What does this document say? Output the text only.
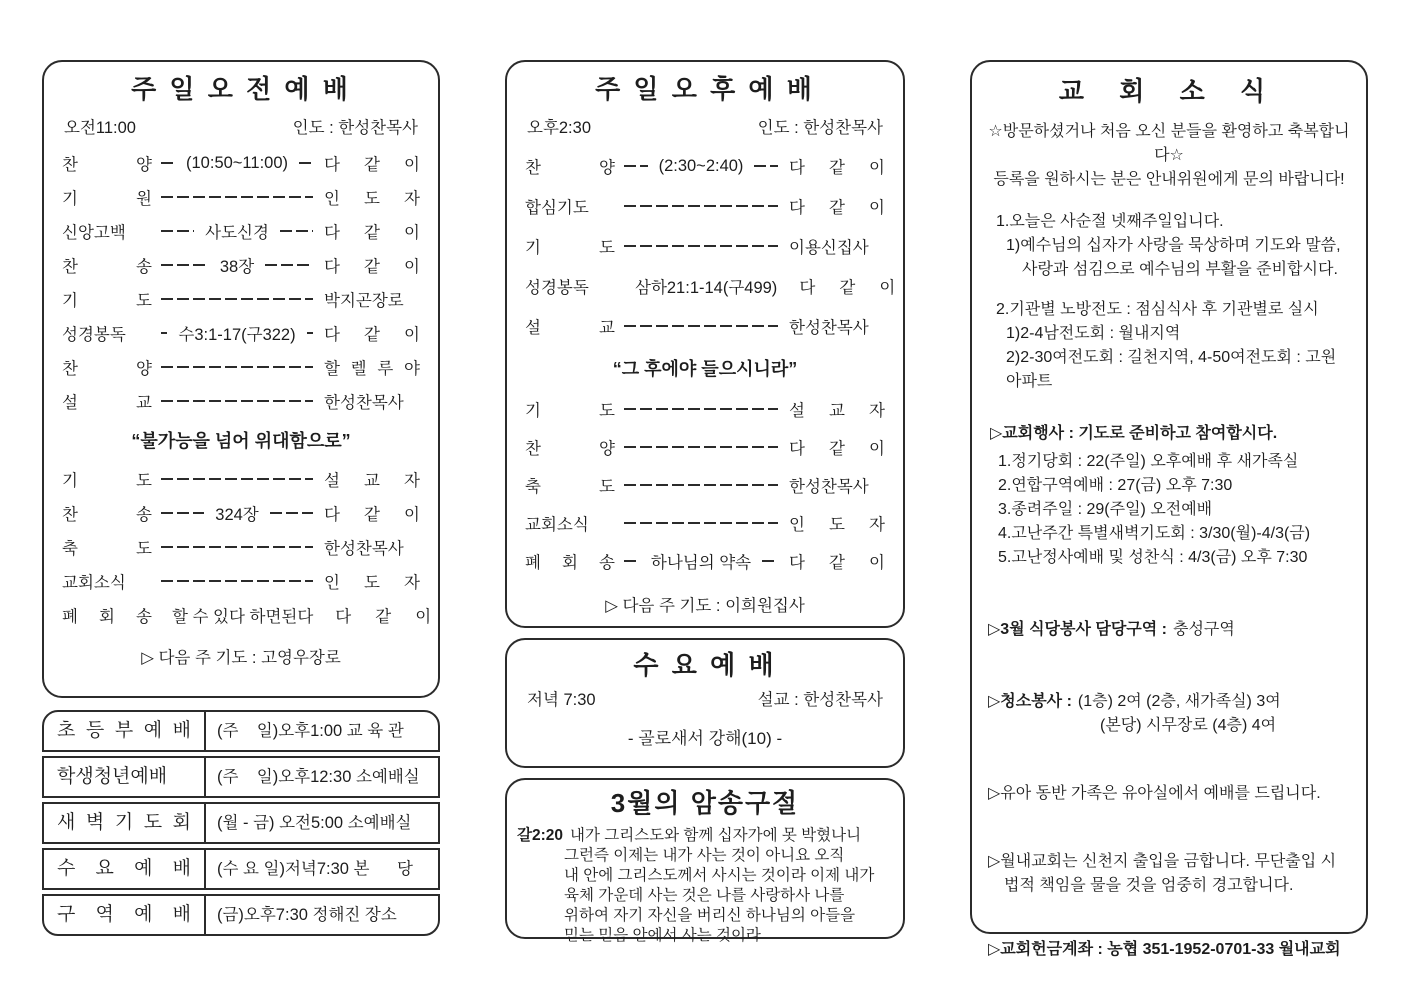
주 일 오 전 예 배
오전11:00	인도 : 한성찬목사
찬 양 (10:50~11:00) 다 같 이
기 원	인 도 자
신앙고백	사도신경	다 같 이
찬 송	38장	다 같 이
기 도	박지곤장로
성경봉독	수3:1-17(구322) 다 같 이
찬 양	할 렐 루 야
설 교	한성찬목사
“불가능을 넘어 위대함으로”
기 도	설 교 자
찬 송	324장	다 같 이
축 도	한성찬목사
교회소식	인 도 자
폐 회 송 할 수 있다 하면된다 다 같 이
▷ 다음 주 기도 : 고영우장로
초 등 부 예 배	(주    일)오후1:00 교 육 관
학생청년예배	(주    일)오후12:30 소예배실
새 벽 기 도 회	(월 - 금) 오전5:00 소예배실
수 요 예 배	(수 요 일)저녁7:30 본      당
구 역 예 배	(금)오후7:30 정해진 장소
주 일 오 후 예 배
오후2:30	인도 : 한성찬목사
찬 양	(2:30~2:40)	다 같 이
합심기도	다 같 이
기 도	이용신집사
성경봉독	삼하21:1-14(구499) 다 같 이
설 교	한성찬목사
“그 후에야 들으시니라”
기 도	설 교 자
찬 양	다 같 이
축 도	한성찬목사
교회소식	인 도 자
폐 회 송 하나님의 약속 다 같 이
▷ 다음 주 기도 : 이희원집사
수 요 예 배
저녁 7:30	설교 : 한성찬목사
- 골로새서 강해(10) -
3월의 암송구절

갈2:20 내가 그리스도와 함께 십자가에 못 박혔나니

그런즉 이제는 내가 사는 것이 아니요 오직

내 안에 그리스도께서 사시는 것이라 이제 내가

육체 가운데 사는 것은 나를 사랑하사 나를

위하여 자기 자신을 버리신 하나님의 아들을

믿는 믿음 안에서 사는 것이라

교 회 소 식

☆방문하셨거나 처음 오신 분들을 환영하고 축복합니다☆

등록을 원하시는 분은 안내위원에게 문의 바랍니다!

1.오늘은 사순절 넷째주일입니다.

1)예수님의 십자가 사랑을 묵상하며 기도와 말씀,

사랑과 섬김으로 예수님의 부활을 준비합시다.

2.기관별 노방전도 : 점심식사 후 기관별로 실시

1)2-4남전도회 : 월내지역

2)2-30여전도회 : 길천지역, 4-50여전도회 : 고원아파트

▷교회행사 : 기도로 준비하고 참여합시다.

1.정기당회 : 22(주일) 오후예배 후 새가족실

2.연합구역예배 : 27(금) 오후 7:30

3.종려주일 : 29(주일) 오전예배

4.고난주간 특별새벽기도회 : 3/30(월)-4/3(금)

5.고난정사예배 및 성찬식 : 4/3(금) 오후 7:30

▷3월 식당봉사 담당구역 : 충성구역

▷청소봉사 : (1층) 2여 (2층, 새가족실) 3여

(본당) 시무장로 (4층) 4여

▷유아 동반 가족은 유아실에서 예배를 드립니다.

▷월내교회는 신천지 출입을 금합니다. 무단출입 시

법적 책임을 물을 것을 엄중히 경고합니다.

▷교회헌금계좌 : 농협 351-1952-0701-33 월내교회
